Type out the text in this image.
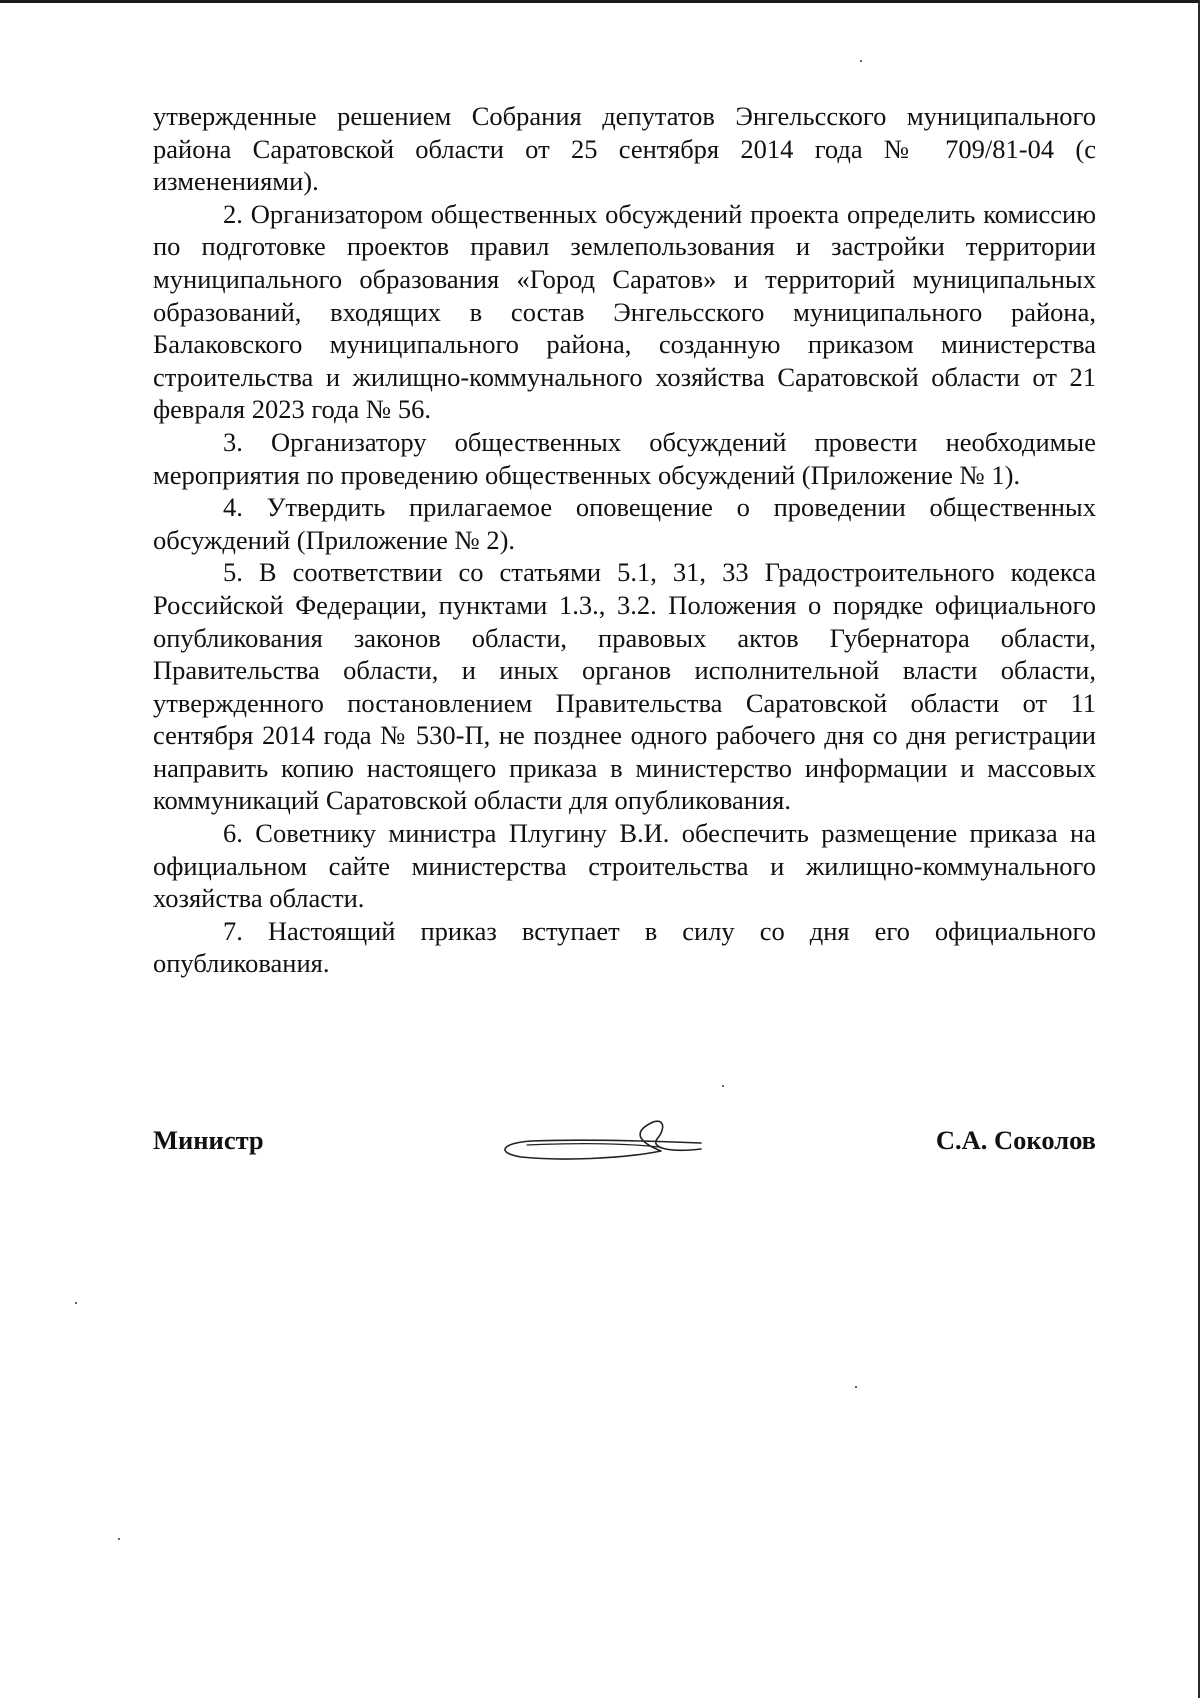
утвержденные решением Собрания депутатов Энгельсского муниципального района Саратовской области от 25 сентября 2014 года № 709/81-04 (с изменениями).

2. Организатором общественных обсуждений проекта определить комиссию по подготовке проектов правил землепользования и застройки территории муниципального образования «Город Саратов» и территорий муниципальных образований, входящих в состав Энгельсского муниципального района, Балаковского муниципального района, созданную приказом министерства строительства и жилищно-коммунального хозяйства Саратовской области от 21 февраля 2023 года № 56.

3. Организатору общественных обсуждений провести необходимые мероприятия по проведению общественных обсуждений (Приложение № 1).

4. Утвердить прилагаемое оповещение о проведении общественных обсуждений (Приложение № 2).

5. В соответствии со статьями 5.1, 31, 33 Градостроительного кодекса Российской Федерации, пунктами 1.3., 3.2. Положения о порядке официального опубликования законов области, правовых актов Губернатора области, Правительства области, и иных органов исполнительной власти области, утвержденного постановлением Правительства Саратовской области от 11 сентября 2014 года № 530-П, не позднее одного рабочего дня со дня регистрации направить копию настоящего приказа в министерство информации и массовых коммуникаций Саратовской области для опубликования.

6. Советнику министра Плугину В.И. обеспечить размещение приказа на официальном сайте министерства строительства и жилищно-коммунального хозяйства области.

7. Настоящий приказ вступает в силу со дня его официального опубликования.

Министр	С.А. Соколов
